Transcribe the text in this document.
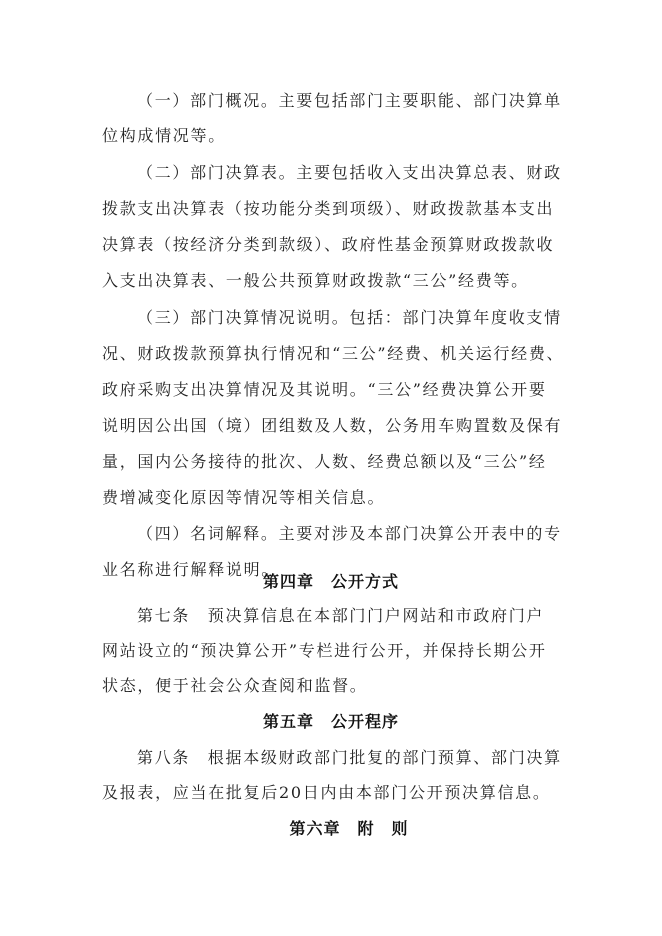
（一）部门概况。主要包括部门主要职能、部门决算单
位构成情况等。
（二）部门决算表。主要包括收入支出决算总表、财政
拨款支出决算表（按功能分类到项级）、财政拨款基本支出
决算表（按经济分类到款级）、政府性基金预算财政拨款收
入支出决算表、一般公共预算财政拨款“三公”经费等。
（三）部门决算情况说明。包括：部门决算年度收支情
况、财政拨款预算执行情况和“三公”经费、机关运行经费、
政府采购支出决算情况及其说明。“三公”经费决算公开要
说明因公出国（境）团组数及人数，公务用车购置数及保有
量，国内公务接待的批次、人数、经费总额以及“三公”经
费增减变化原因等情况等相关信息。
（四）名词解释。主要对涉及本部门决算公开表中的专
业名称进行解释说明。
第四章　公开方式
第七条　预决算信息在本部门门户网站和市政府门户
网站设立的“预决算公开”专栏进行公开，并保持长期公开
状态，便于社会公众查阅和监督。
第五章　公开程序
第八条　根据本级财政部门批复的部门预算、部门决算
及报表，应当在批复后20日内由本部门公开预决算信息。
第六章　附　则
